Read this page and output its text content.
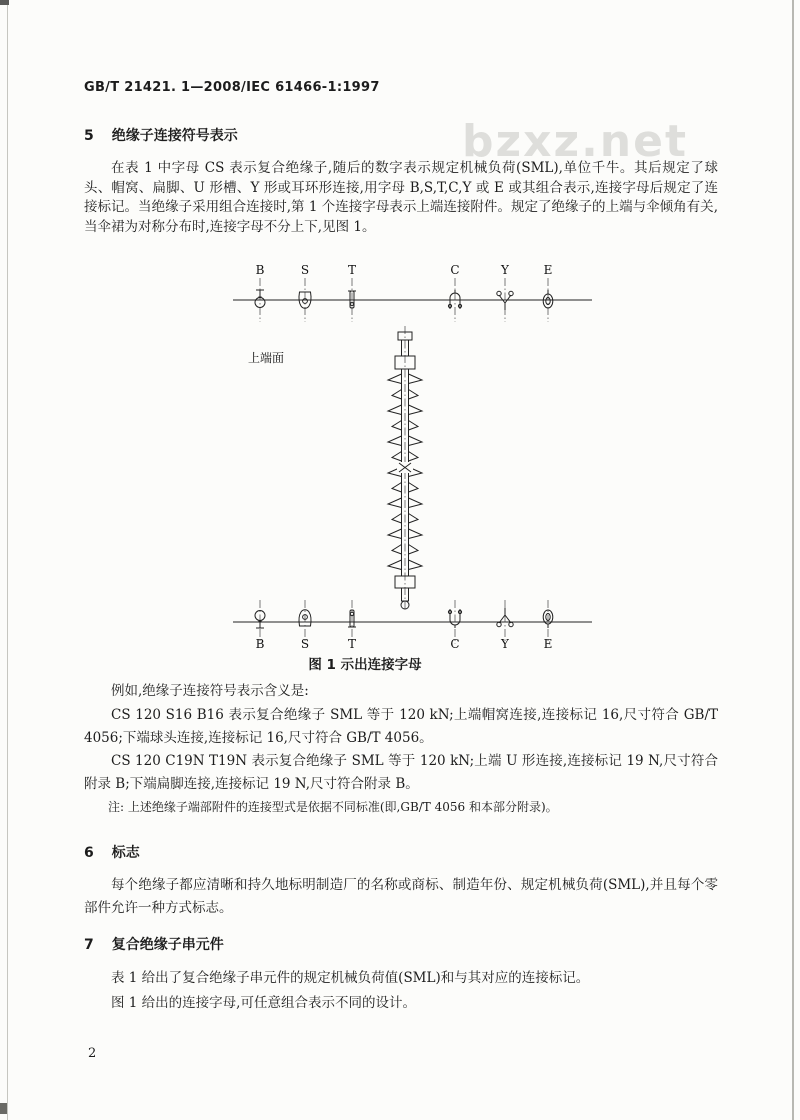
bzxz.net
GB/T 21421. 1—2008/IEC 61466-1:1997
5 绝缘子连接符号表示
在表 1 中字母 CS 表示复合绝缘子,随后的数字表示规定机械负荷(SML),单位千牛。其后规定了球头、帽窝、扁脚、U 形槽、Y 形或耳环形连接,用字母 B,S,T,C,Y 或 E 或其组合表示,连接字母后规定了连接标记。当绝缘子采用组合连接时,第 1 个连接字母表示上端连接附件。规定了绝缘子的上端与伞倾角有关,当伞裙为对称分布时,连接字母不分上下,见图 1。
B	S	T	C	Y	E
上端面
B	S	T	C	Y	E
图 1 示出连接字母
例如,绝缘子连接符号表示含义是:
CS 120 S16 B16 表示复合绝缘子 SML 等于 120 kN;上端帽窝连接,连接标记 16,尺寸符合 GB/T 4056;下端球头连接,连接标记 16,尺寸符合 GB/T 4056。
CS 120 C19N T19N 表示复合绝缘子 SML 等于 120 kN;上端 U 形连接,连接标记 19 N,尺寸符合附录 B;下端扁脚连接,连接标记 19 N,尺寸符合附录 B。
注: 上述绝缘子端部附件的连接型式是依据不同标准(即,GB/T 4056 和本部分附录)。
6 标志
每个绝缘子都应清晰和持久地标明制造厂的名称或商标、制造年份、规定机械负荷(SML),并且每个零部件允许一种方式标志。
7 复合绝缘子串元件
表 1 给出了复合绝缘子串元件的规定机械负荷值(SML)和与其对应的连接标记。
图 1 给出的连接字母,可任意组合表示不同的设计。
2
